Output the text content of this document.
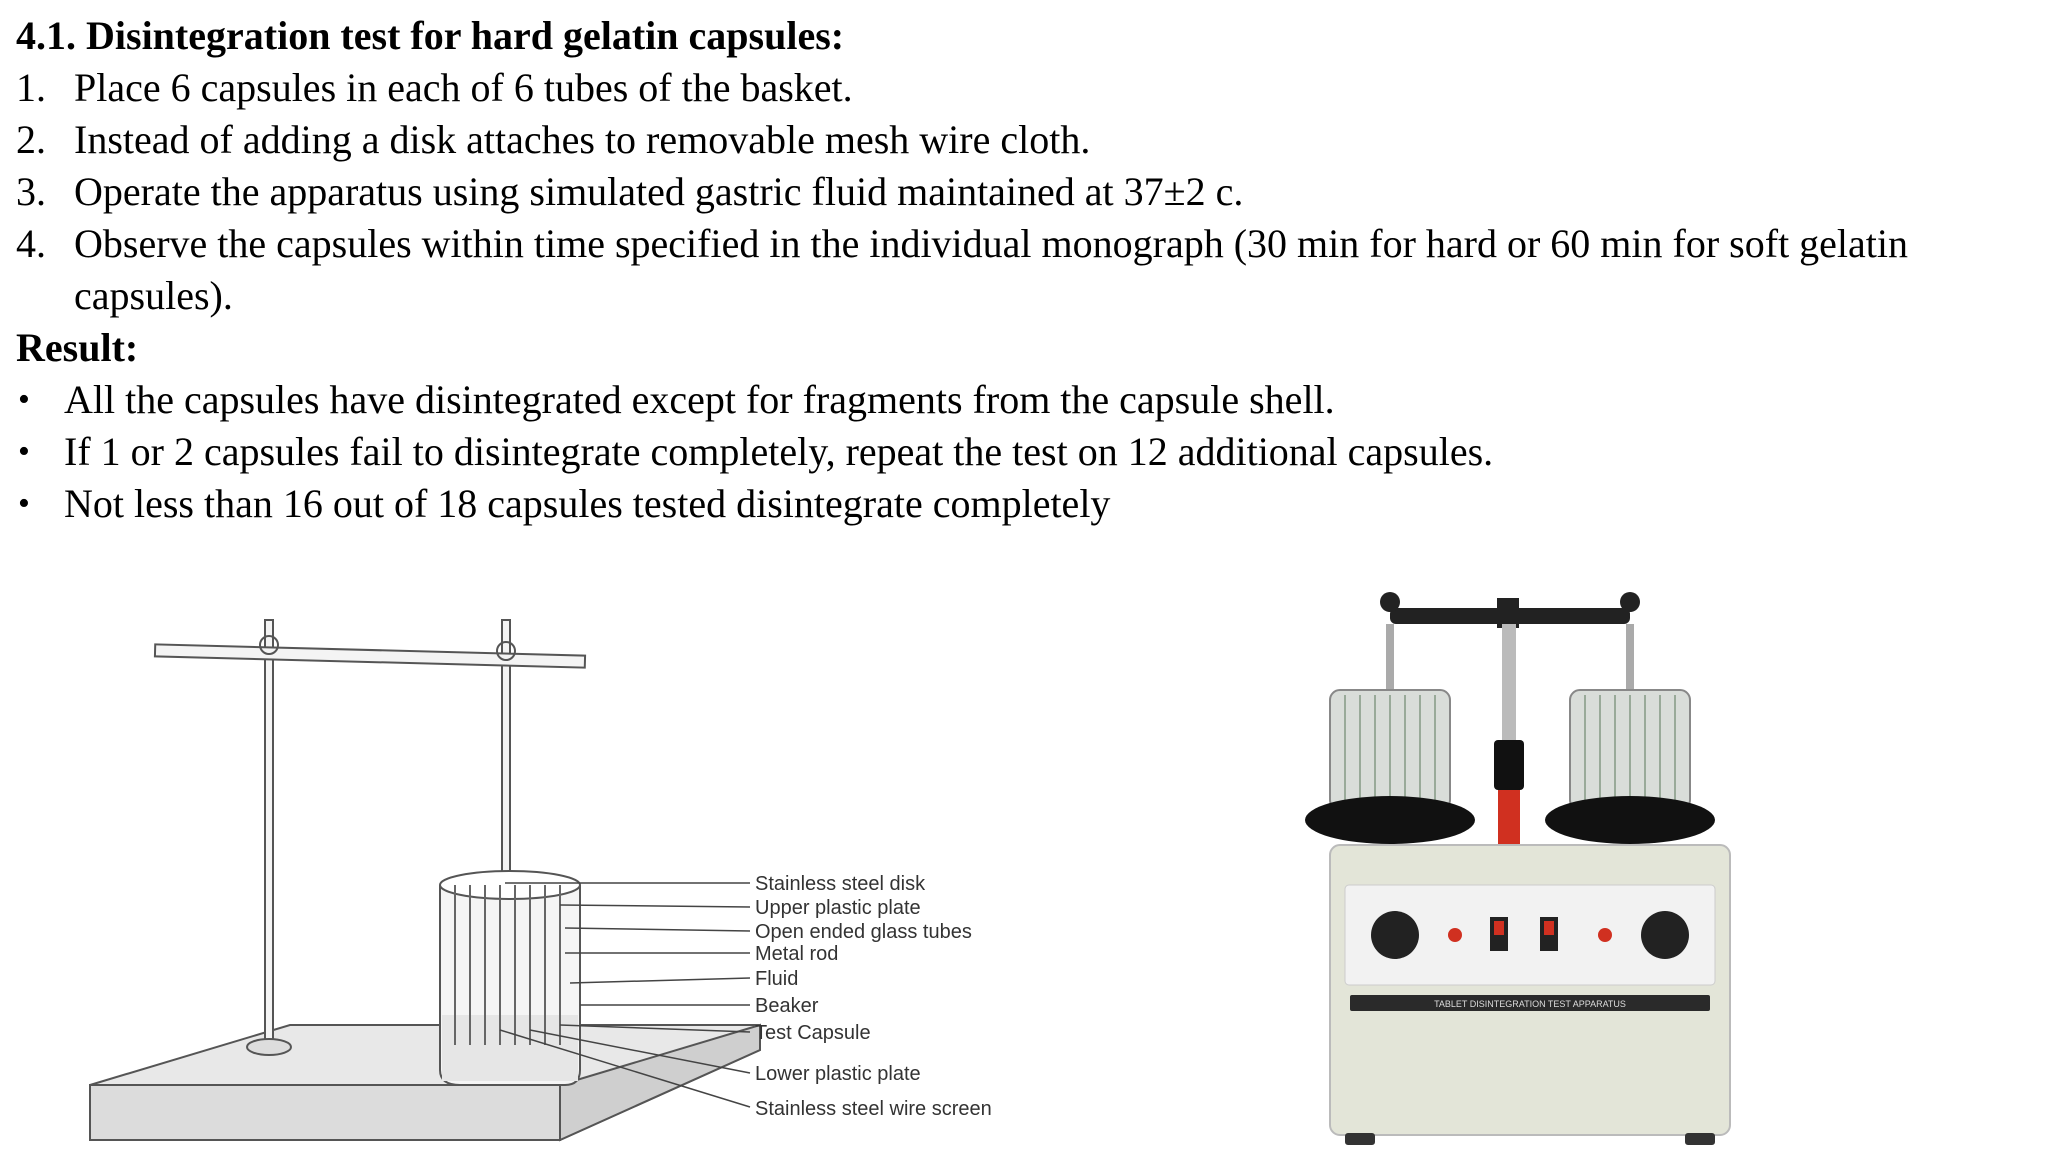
4.1. Disintegration test for hard gelatin capsules:

1. Place 6 capsules in each of 6 tubes of the basket.
2. Instead of adding a disk attaches to removable mesh wire cloth.
3. Operate the apparatus using simulated gastric fluid maintained at 37±2 c.
4. Observe the capsules within time specified in the individual monograph (30 min for hard or 60 min for soft gelatin capsules).

Result:

• All the capsules have disintegrated except for fragments from the capsule shell.
• If 1 or 2 capsules fail to disintegrate completely, repeat the test on 12 additional capsules.
• Not less than 16 out of 18 capsules tested disintegrate completely
Stainless steel disk
Upper plastic plate
Open ended glass tubes
Metal rod
Fluid
Beaker
Test Capsule
Lower plastic plate
Stainless steel wire screen
TABLET DISINTEGRATION TEST APPARATUS
